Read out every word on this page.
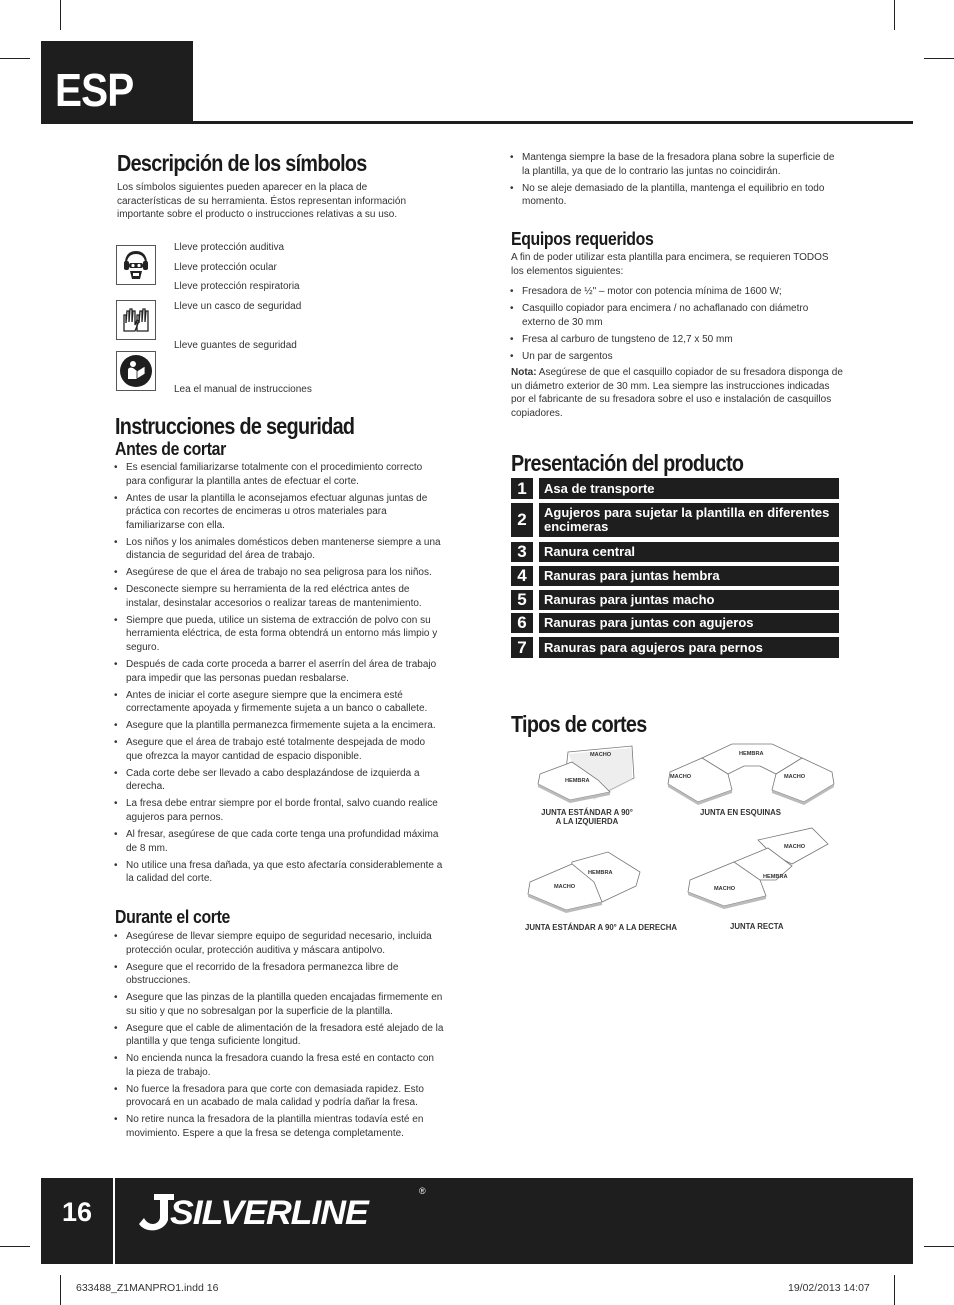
ESP
Descripción de los símbolos
Los símbolos siguientes pueden aparecer en la placa de características de su herramienta. Éstos representan información importante sobre el producto o instrucciones relativas a su uso.
Lleve protección auditiva
Lleve protección ocular
Lleve protección respiratoria
Lleve un casco de seguridad
Lleve guantes de seguridad
Lea el manual de instrucciones
Instrucciones de seguridad
Antes de cortar
• Es esencial familiarizarse totalmente con el procedimiento correcto para configurar la plantilla antes de efectuar el corte.
• Antes de usar la plantilla le aconsejamos efectuar algunas juntas de práctica con recortes de encimeras u otros materiales para familiarizarse con ella.
• Los niños y los animales domésticos deben mantenerse siempre a una distancia de seguridad del área de trabajo.
• Asegúrese de que el área de trabajo no sea peligrosa para los niños.
• Desconecte siempre su herramienta de la red eléctrica antes de instalar, desinstalar accesorios o realizar tareas de mantenimiento.
• Siempre que pueda, utilice un sistema de extracción de polvo con su herramienta eléctrica, de esta forma obtendrá un entorno más limpio y seguro.
• Después de cada corte proceda a barrer el aserrín del área de trabajo para impedir que las personas puedan resbalarse.
• Antes de iniciar el corte asegure siempre que la encimera esté correctamente apoyada y firmemente sujeta a un banco o caballete.
• Asegure que la plantilla permanezca firmemente sujeta a la encimera.
• Asegure que el área de trabajo esté totalmente despejada de modo que ofrezca la mayor cantidad de espacio disponible.
• Cada corte debe ser llevado a cabo desplazándose de izquierda a derecha.
• La fresa debe entrar siempre por el borde frontal, salvo cuando realice agujeros para pernos.
• Al fresar, asegúrese de que cada corte tenga una profundidad máxima de 8 mm.
• No utilice una fresa dañada, ya que esto afectaría considerablemente a la calidad del corte.
Durante el corte
• Asegúrese de llevar siempre equipo de seguridad necesario, incluida protección ocular, protección auditiva y máscara antipolvo.
• Asegure que el recorrido de la fresadora permanezca libre de obstrucciones.
• Asegure que las pinzas de la plantilla queden encajadas firmemente en su sitio y que no sobresalgan por la superficie de la plantilla.
• Asegure que el cable de alimentación de la fresadora esté alejado de la plantilla y que tenga suficiente longitud.
• No encienda nunca la fresadora cuando la fresa esté en contacto con la pieza de trabajo.
• No fuerce la fresadora para que corte con demasiada rapidez. Esto provocará en un acabado de mala calidad y podría dañar la fresa.
• No retire nunca la fresadora de la plantilla mientras todavía esté en movimiento. Espere a que la fresa se detenga completamente.
• Mantenga siempre la base de la fresadora plana sobre la superficie de la plantilla, ya que de lo contrario las juntas no coincidirán.
• No se aleje demasiado de la plantilla, mantenga el equilibrio en todo momento.
Equipos requeridos
A fin de poder utilizar esta plantilla para encimera, se requieren TODOS los elementos siguientes:
• Fresadora de ½" – motor con potencia mínima de 1600 W;
• Casquillo copiador para encimera / no achaflanado con diámetro externo de 30 mm
• Fresa al carburo de tungsteno de 12,7 x 50 mm
• Un par de sargentos
Nota: Asegúrese de que el casquillo copiador de su fresadora disponga de un diámetro exterior de 30 mm. Lea siempre las instrucciones indicadas por el fabricante de su fresadora sobre el uso e instalación de casquillos copiadores.
Presentación del producto
1	Asa de transporte
2	Agujeros para sujetar la plantilla en diferentes encimeras
3	Ranura central
4	Ranuras para juntas hembra
5	Ranuras para juntas macho
6	Ranuras para juntas con agujeros
7	Ranuras para agujeros para pernos
Tipos de cortes
MACHO
HEMBRA
HEMBRA
MACHO	MACHO
HEMBRA
MACHO
MACHO
HEMBRA
MACHO
JUNTA ESTÁNDAR A 90°
A LA IZQUIERDA
JUNTA EN ESQUINAS
JUNTA ESTÁNDAR A 90° A LA DERECHA	JUNTA RECTA
16 SILVERLINE
®
633488_Z1MANPRO1.indd 16	19/02/2013 14:07
